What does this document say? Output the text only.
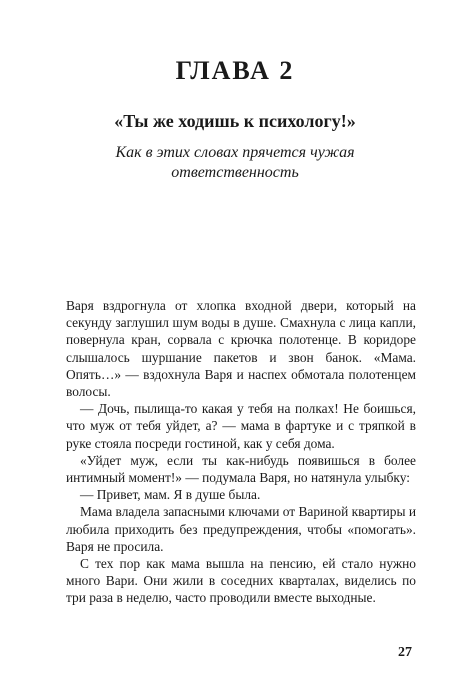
ГЛАВА 2
«Ты же ходишь к психологу!»
Как в этих словах прячется чужая ответственность

Варя вздрогнула от хлопка входной двери, который на секунду заглушил шум воды в душе. Смахнула с лица капли, повернула кран, сорвала с крючка полотенце. В коридоре слышалось шуршание пакетов и звон банок. «Мама. Опять…» — вздохнула Варя и наспех обмотала полотенцем волосы.

— Дочь, пылища-то какая у тебя на полках! Не боишься, что муж от тебя уйдет, а? — мама в фартуке и с тряпкой в руке стояла посреди гостиной, как у себя дома.

«Уйдет муж, если ты как-нибудь появишься в более интимный момент!» — подумала Варя, но натянула улыбку:

— Привет, мам. Я в душе была.

Мама владела запасными ключами от Вариной квартиры и любила приходить без предупреждения, чтобы «помогать». Варя не просила.

С тех пор как мама вышла на пенсию, ей стало нужно много Вари. Они жили в соседних кварталах, виделись по три раза в неделю, часто проводили вместе выходные.

27
